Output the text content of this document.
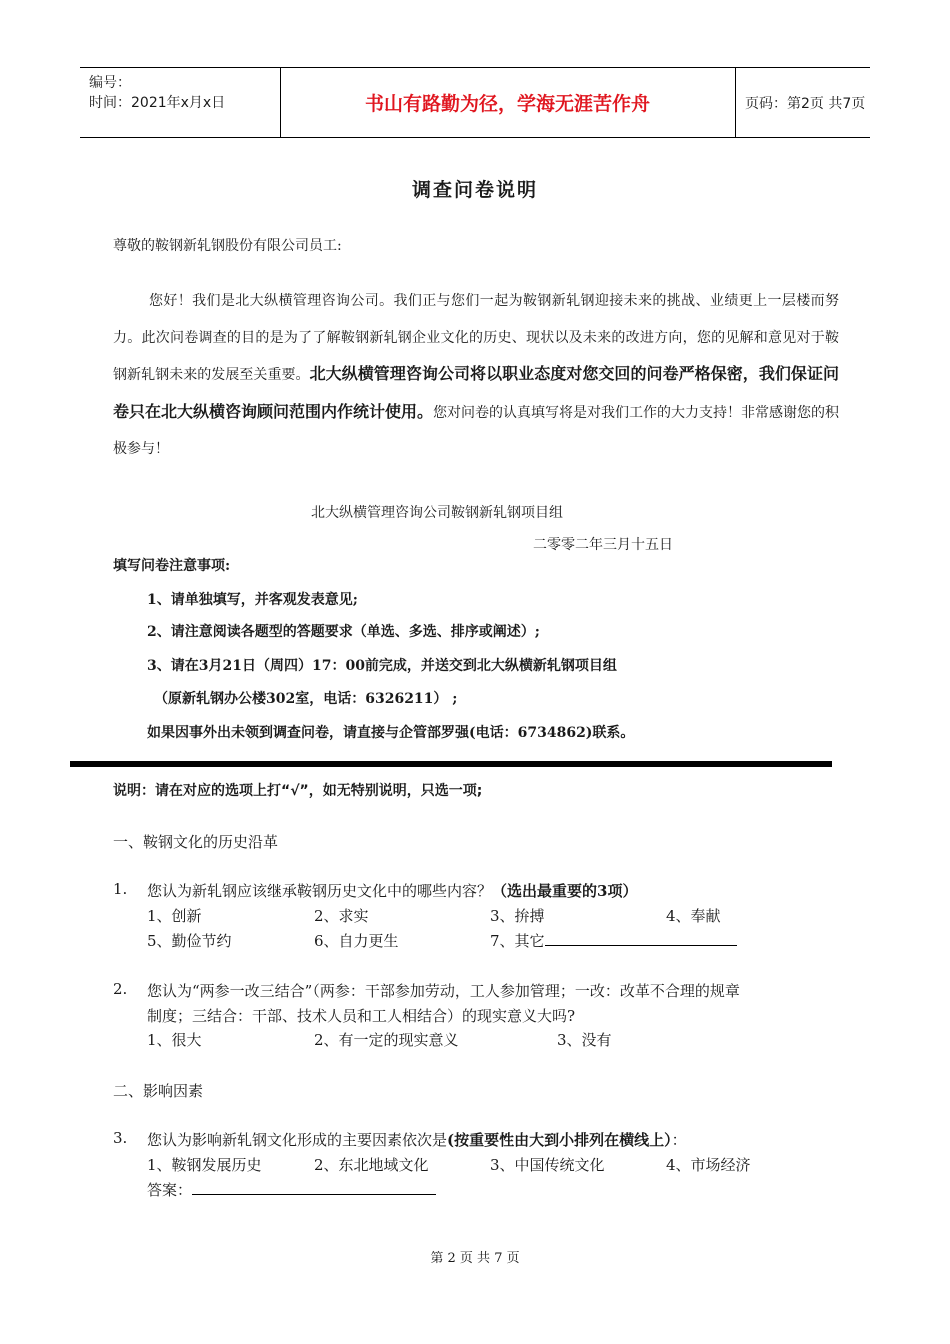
编号：
时间：2021年x月x日	书山有路勤为径，学海无涯苦作舟	页码：第2页 共7页
调查问卷说明
尊敬的鞍钢新轧钢股份有限公司员工:
您好！我们是北大纵横管理咨询公司。我们正与您们一起为鞍钢新轧钢迎接未来的挑战、业绩更上一层楼而努力。此次问卷调查的目的是为了了解鞍钢新轧钢企业文化的历史、现状以及未来的改进方向，您的见解和意见对于鞍钢新轧钢未来的发展至关重要。北大纵横管理咨询公司将以职业态度对您交回的问卷严格保密，我们保证问卷只在北大纵横咨询顾问范围内作统计使用。您对问卷的认真填写将是对我们工作的大力支持！非常感谢您的积极参与！
北大纵横管理咨询公司鞍钢新轧钢项目组
二零零二年三月十五日
填写问卷注意事项:
1、请单独填写，并客观发表意见;
2、请注意阅读各题型的答题要求（单选、多选、排序或阐述）;
3、请在3月21日（周四）17：00前完成，并送交到北大纵横新轧钢项目组
（原新轧钢办公楼302室，电话：6326211） ;
如果因事外出未领到调查问卷，请直接与企管部罗强(电话：6734862)联系。
说明：请在对应的选项上打“√”，如无特别说明，只选一项;
一、鞍钢文化的历史沿革
1. 您认为新轧钢应该继承鞍钢历史文化中的哪些内容？（选出最重要的3项）
1、创新	2、求实	3、拚搏	4、奉献
5、勤俭节约	6、自力更生	7、其它
2. 您认为“两参一改三结合”（两参：干部参加劳动，工人参加管理；一改：改革不合理的规章
制度；三结合：干部、技术人员和工人相结合）的现实意义大吗?
1、很大	2、有一定的现实意义	3、没有
二、影响因素
3. 您认为影响新轧钢文化形成的主要因素依次是(按重要性由大到小排列在横线上）：
1、鞍钢发展历史	2、东北地域文化	3、中国传统文化	4、市场经济
答案：
第 2 页 共 7 页
